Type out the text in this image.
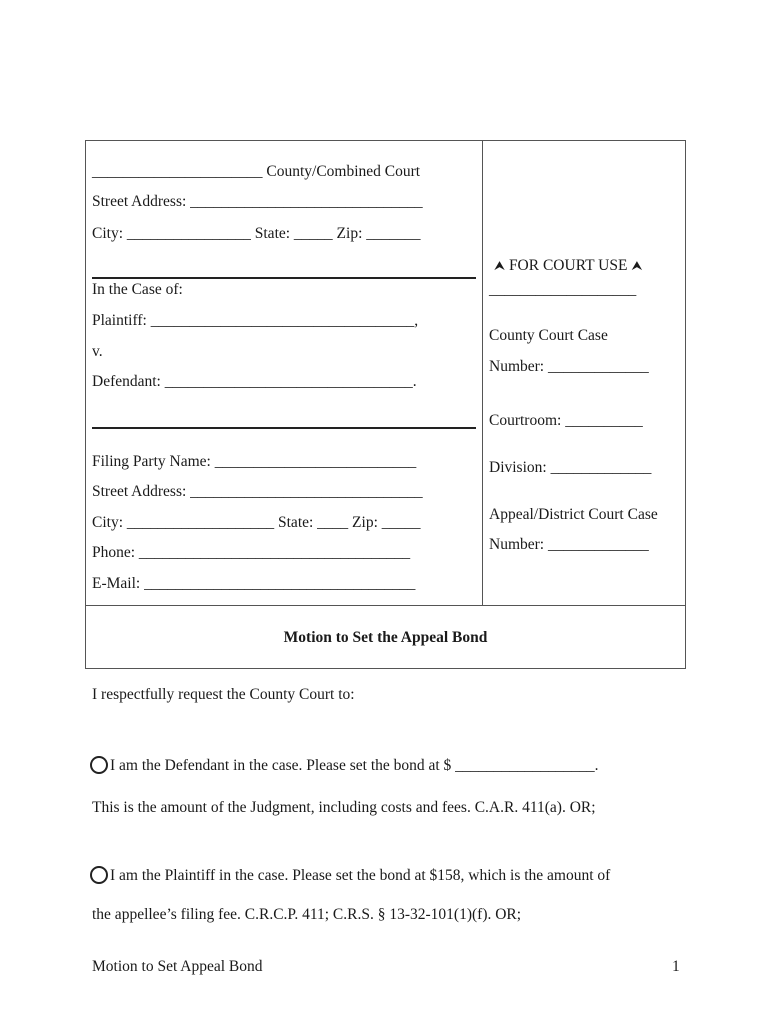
______________________ County/Combined Court
Street Address: ______________________________
City: ________________ State: _____ Zip: _______
In the Case of:
Plaintiff: __________________________________,
v.
Defendant: ________________________________.
Filing Party Name: __________________________
Street Address: ______________________________
City: ___________________ State: ____ Zip: _____
Phone: ___________________________________
E-Mail: ___________________________________
⮝ FOR COURT USE ⮝
___________________
County Court Case
Number: _____________
Courtroom: __________
Division: _____________
Appeal/District Court Case
Number: _____________
Motion to Set the Appeal Bond
I respectfully request the County Court to:
I am the Defendant in the case. Please set the bond at $ __________________.
This is the amount of the Judgment, including costs and fees. C.A.R. 411(a). OR;
I am the Plaintiff in the case. Please set the bond at $158, which is the amount of
the appellee’s filing fee. C.R.C.P. 411; C.R.S. § 13-32-101(1)(f). OR;
Motion to Set Appeal Bond	1
